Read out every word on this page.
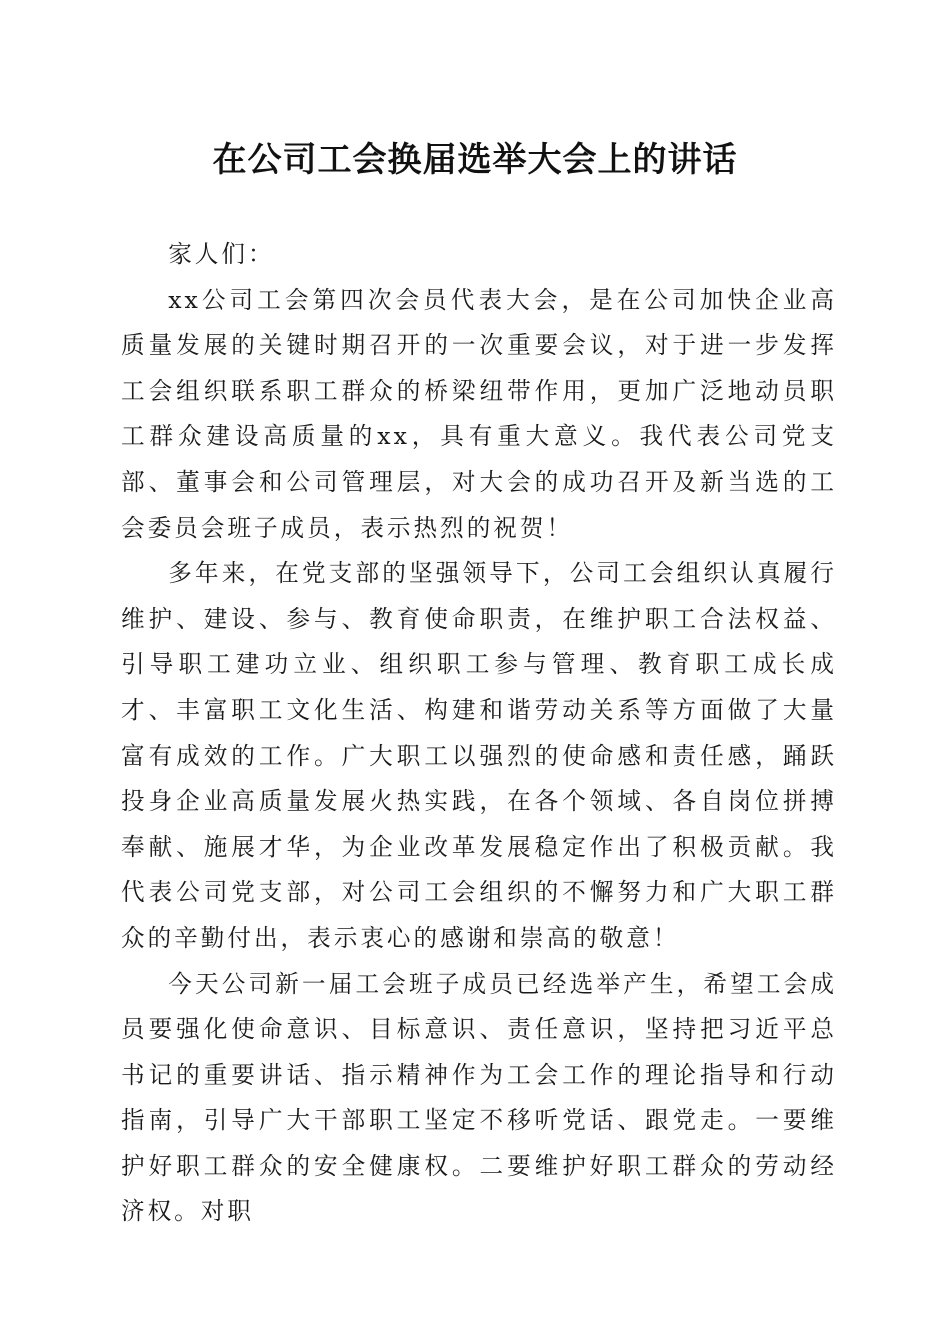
在公司工会换届选举大会上的讲话

家人们：

xx公司工会第四次会员代表大会，是在公司加快企业高质量发展的关键时期召开的一次重要会议，对于进一步发挥工会组织联系职工群众的桥梁纽带作用，更加广泛地动员职工群众建设高质量的xx，具有重大意义。我代表公司党支部、董事会和公司管理层，对大会的成功召开及新当选的工会委员会班子成员，表示热烈的祝贺！

多年来，在党支部的坚强领导下，公司工会组织认真履行维护、建设、参与、教育使命职责，在维护职工合法权益、引导职工建功立业、组织职工参与管理、教育职工成长成才、丰富职工文化生活、构建和谐劳动关系等方面做了大量富有成效的工作。广大职工以强烈的使命感和责任感，踊跃投身企业高质量发展火热实践，在各个领域、各自岗位拼搏奉献、施展才华，为企业改革发展稳定作出了积极贡献。我代表公司党支部，对公司工会组织的不懈努力和广大职工群众的辛勤付出，表示衷心的感谢和崇高的敬意！

今天公司新一届工会班子成员已经选举产生，希望工会成员要强化使命意识、目标意识、责任意识，坚持把习近平总书记的重要讲话、指示精神作为工会工作的理论指导和行动指南，引导广大干部职工坚定不移听党话、跟党走。一要维护好职工群众的安全健康权。二要维护好职工群众的劳动经济权。对职
